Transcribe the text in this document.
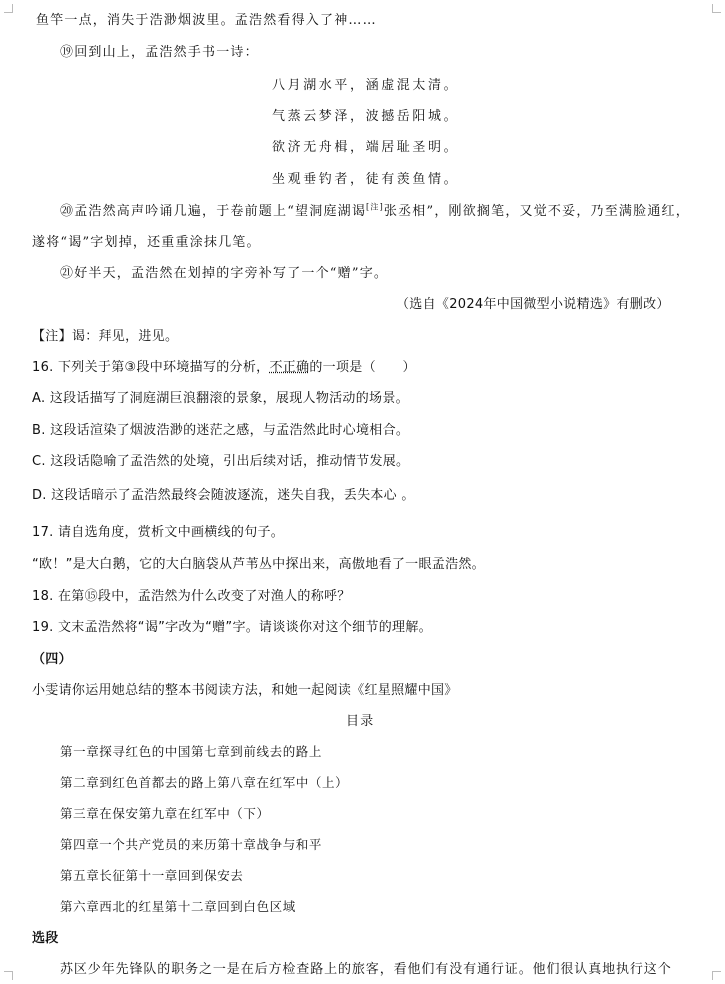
鱼竿一点，消失于浩渺烟波里。孟浩然看得入了神……
⑲回到山上，孟浩然手书一诗：
八月湖水平，涵虚混太清。
气蒸云梦泽，波撼岳阳城。
欲济无舟楫，端居耻圣明。
坐观垂钓者，徒有羡鱼情。
⑳孟浩然高声吟诵几遍，于卷前题上“望洞庭湖谒[注]张丞相”，刚欲搁笔，又觉不妥，乃至满脸通红，
遂将“谒”字划掉，还重重涂抹几笔。
㉑好半天，孟浩然在划掉的字旁补写了一个“赠”字。
（选自《2024年中国微型小说精选》有删改）
【注】谒：拜见，进见。
16. 下列关于第③段中环境描写的分析，不正确的一项是（　　）
A. 这段话描写了洞庭湖巨浪翻滚的景象，展现人物活动的场景。
B. 这段话渲染了烟波浩渺的迷茫之感，与孟浩然此时心境相合。
C. 这段话隐喻了孟浩然的处境，引出后续对话，推动情节发展。
D. 这段话暗示了孟浩然最终会随波逐流，迷失自我，丢失本心 。
17. 请自选角度，赏析文中画横线的句子。
“欧！”是大白鹅，它的大白脑袋从芦苇丛中探出来，高傲地看了一眼孟浩然。
18. 在第⑮段中，孟浩然为什么改变了对渔人的称呼？
19. 文末孟浩然将“谒”字改为“赠”字。请谈谈你对这个细节的理解。
（四）
小雯请你运用她总结的整本书阅读方法，和她一起阅读《红星照耀中国》
目录
第一章探寻红色的中国第七章到前线去的路上
第二章到红色首都去的路上第八章在红军中（上）
第三章在保安第九章在红军中（下）
第四章一个共产党员的来历第十章战争与和平
第五章长征第十一章回到保安去
第六章西北的红星第十二章回到白色区域
选段
苏区少年先锋队的职务之一是在后方检查路上的旅客，看他们有没有通行证。他们很认真地执行这个
